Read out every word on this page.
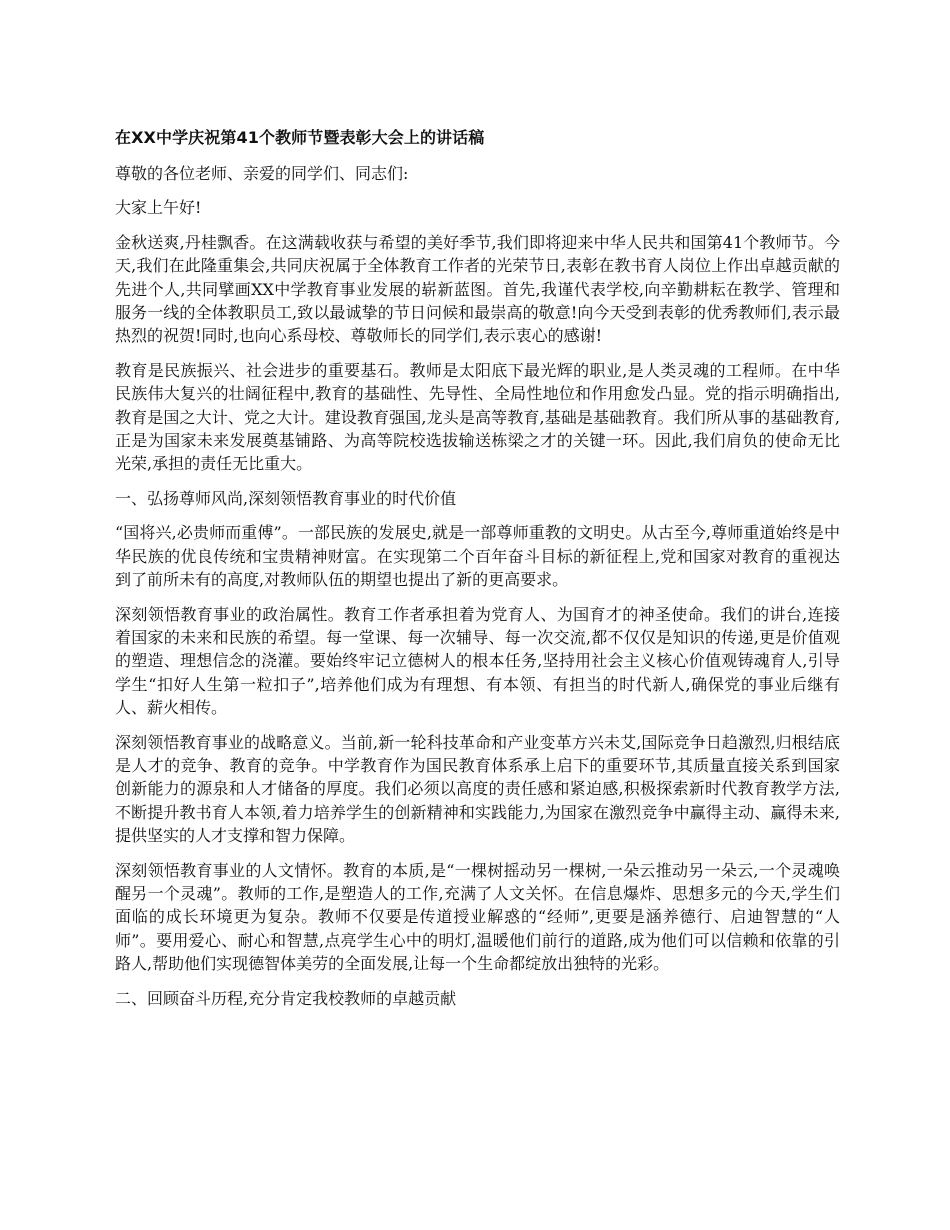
在XX中学庆祝第41个教师节暨表彰大会上的讲话稿

尊敬的各位老师、亲爱的同学们、同志们:

大家上午好!

金秋送爽,丹桂飘香。在这满载收获与希望的美好季节,我们即将迎来中华人民共和国第41个教师节。今天,我们在此隆重集会,共同庆祝属于全体教育工作者的光荣节日,表彰在教书育人岗位上作出卓越贡献的先进个人,共同擘画XX中学教育事业发展的崭新蓝图。首先,我谨代表学校,向辛勤耕耘在教学、管理和服务一线的全体教职员工,致以最诚挚的节日问候和最崇高的敬意!向今天受到表彰的优秀教师们,表示最热烈的祝贺!同时,也向心系母校、尊敬师长的同学们,表示衷心的感谢!

教育是民族振兴、社会进步的重要基石。教师是太阳底下最光辉的职业,是人类灵魂的工程师。在中华民族伟大复兴的壮阔征程中,教育的基础性、先导性、全局性地位和作用愈发凸显。党的指示明确指出,教育是国之大计、党之大计。建设教育强国,龙头是高等教育,基础是基础教育。我们所从事的基础教育,正是为国家未来发展奠基铺路、为高等院校选拔输送栋梁之才的关键一环。因此,我们肩负的使命无比光荣,承担的责任无比重大。

一、弘扬尊师风尚,深刻领悟教育事业的时代价值

“国将兴,必贵师而重傅”。一部民族的发展史,就是一部尊师重教的文明史。从古至今,尊师重道始终是中华民族的优良传统和宝贵精神财富。在实现第二个百年奋斗目标的新征程上,党和国家对教育的重视达到了前所未有的高度,对教师队伍的期望也提出了新的更高要求。

深刻领悟教育事业的政治属性。教育工作者承担着为党育人、为国育才的神圣使命。我们的讲台,连接着国家的未来和民族的希望。每一堂课、每一次辅导、每一次交流,都不仅仅是知识的传递,更是价值观的塑造、理想信念的浇灌。要始终牢记立德树人的根本任务,坚持用社会主义核心价值观铸魂育人,引导学生“扣好人生第一粒扣子”,培养他们成为有理想、有本领、有担当的时代新人,确保党的事业后继有人、薪火相传。

深刻领悟教育事业的战略意义。当前,新一轮科技革命和产业变革方兴未艾,国际竞争日趋激烈,归根结底是人才的竞争、教育的竞争。中学教育作为国民教育体系承上启下的重要环节,其质量直接关系到国家创新能力的源泉和人才储备的厚度。我们必须以高度的责任感和紧迫感,积极探索新时代教育教学方法,不断提升教书育人本领,着力培养学生的创新精神和实践能力,为国家在激烈竞争中赢得主动、赢得未来,提供坚实的人才支撑和智力保障。

深刻领悟教育事业的人文情怀。教育的本质,是“一棵树摇动另一棵树,一朵云推动另一朵云,一个灵魂唤醒另一个灵魂”。教师的工作,是塑造人的工作,充满了人文关怀。在信息爆炸、思想多元的今天,学生们面临的成长环境更为复杂。教师不仅要是传道授业解惑的“经师”,更要是涵养德行、启迪智慧的“人师”。要用爱心、耐心和智慧,点亮学生心中的明灯,温暖他们前行的道路,成为他们可以信赖和依靠的引路人,帮助他们实现德智体美劳的全面发展,让每一个生命都绽放出独特的光彩。

二、回顾奋斗历程,充分肯定我校教师的卓越贡献
